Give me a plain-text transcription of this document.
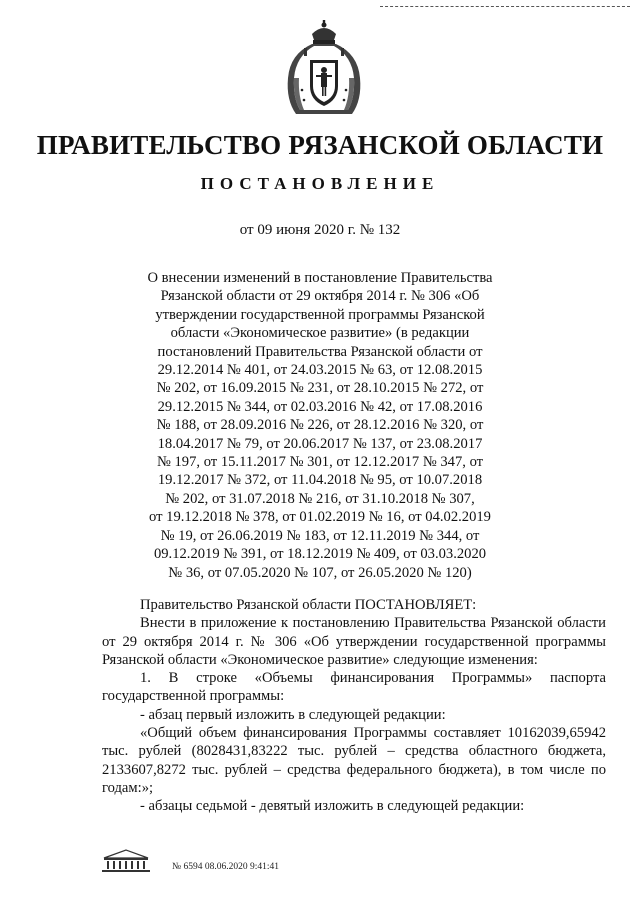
ПРАВИТЕЛЬСТВО РЯЗАНСКОЙ ОБЛАСТИ
ПОСТАНОВЛЕНИЕ
от 09 июня 2020 г. № 132
О внесении изменений в постановление Правительства
Рязанской области от 29 октября 2014 г. № 306 «Об
утверждении государственной программы Рязанской
области «Экономическое развитие» (в редакции
постановлений Правительства Рязанской области от
29.12.2014 № 401, от 24.03.2015 № 63, от 12.08.2015
№ 202, от 16.09.2015 № 231, от 28.10.2015 № 272, от
29.12.2015 № 344, от 02.03.2016 № 42, от 17.08.2016
№ 188, от 28.09.2016 № 226, от 28.12.2016 № 320, от
18.04.2017 № 79, от 20.06.2017 № 137, от 23.08.2017
№ 197, от 15.11.2017 № 301, от 12.12.2017 № 347, от
19.12.2017 № 372, от 11.04.2018 № 95, от 10.07.2018
№ 202, от 31.07.2018 № 216, от 31.10.2018 № 307,
от 19.12.2018 № 378, от 01.02.2019 № 16, от 04.02.2019
№ 19, от 26.06.2019 № 183, от 12.11.2019 № 344, от
09.12.2019 № 391, от 18.12.2019 № 409, от 03.03.2020
№ 36, от 07.05.2020 № 107, от 26.05.2020 № 120)

Правительство Рязанской области ПОСТАНОВЛЯЕТ:

Внести в приложение к постановлению Правительства Рязанской области от 29 октября 2014 г. № 306 «Об утверждении государственной программы Рязанской области «Экономическое развитие» следующие изменения:

1. В строке «Объемы финансирования Программы» паспорта государственной программы:

- абзац первый изложить в следующей редакции:

«Общий объем финансирования Программы составляет 10162039,65942 тыс. рублей (8028431,83222 тыс. рублей – средства областного бюджета, 2133607,8272 тыс. рублей – средства федерального бюджета), в том числе по годам:»;

- абзацы седьмой - девятый изложить в следующей редакции:

№ 6594 08.06.2020 9:41:41
